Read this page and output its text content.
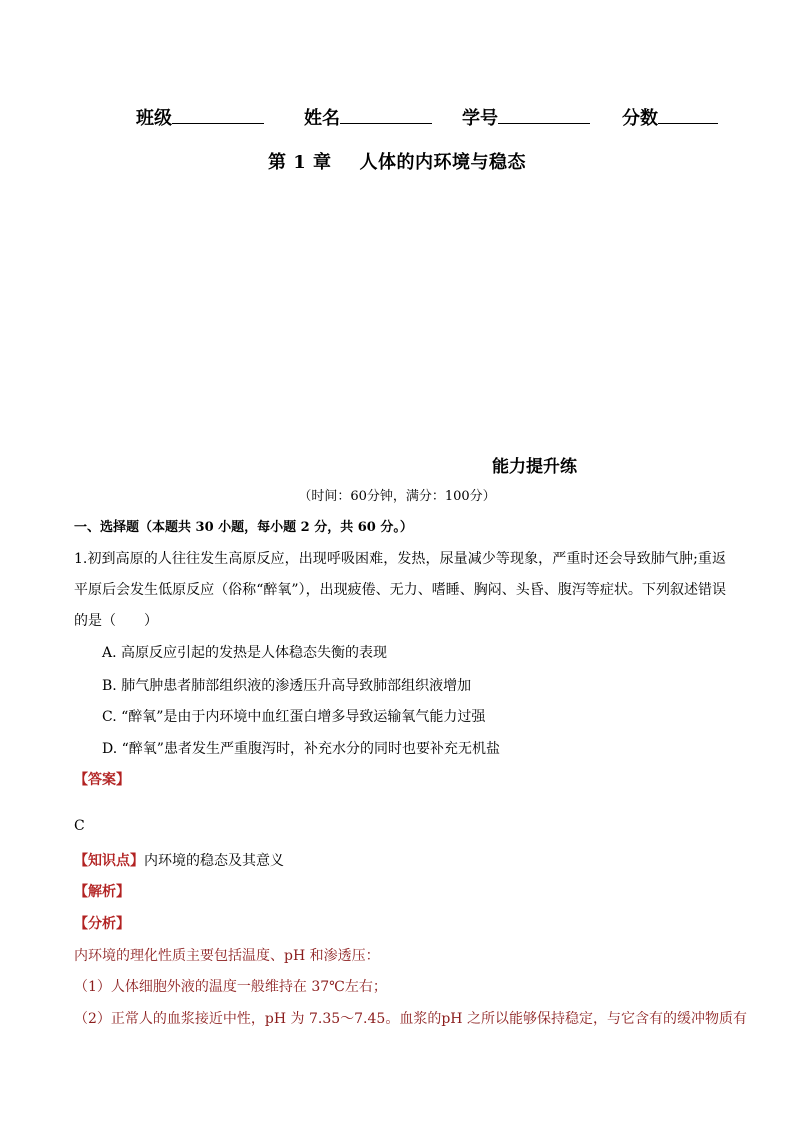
班级	姓名	学号	分数
第 1 章 人体的内环境与稳态
能力提升练
（时间：60分钟，满分：100分）
一、选择题（本题共 30 小题，每小题 2 分，共 60 分。）
1.初到高原的人往往发生高原反应，出现呼吸困难，发热，尿量减少等现象，严重时还会导致肺气肿;重返平原后会发生低原反应（俗称“醉氧”），出现疲倦、无力、嗜睡、胸闷、头昏、腹泻等症状。下列叙述错误的是（　　）
A. 高原反应引起的发热是人体稳态失衡的表现
B. 肺气肿患者肺部组织液的渗透压升高导致肺部组织液增加
C. “醉氧”是由于内环境中血红蛋白增多导致运输氧气能力过强
D. “醉氧”患者发生严重腹泻时，补充水分的同时也要补充无机盐
【答案】
C
【知识点】内环境的稳态及其意义
【解析】
【分析】
内环境的理化性质主要包括温度、pH 和渗透压：
（1）人体细胞外液的温度一般维持在 37℃左右；
（2）正常人的血浆接近中性，pH 为 7.35～7.45。血浆的pH 之所以能够保持稳定，与它含有的缓冲物质有
